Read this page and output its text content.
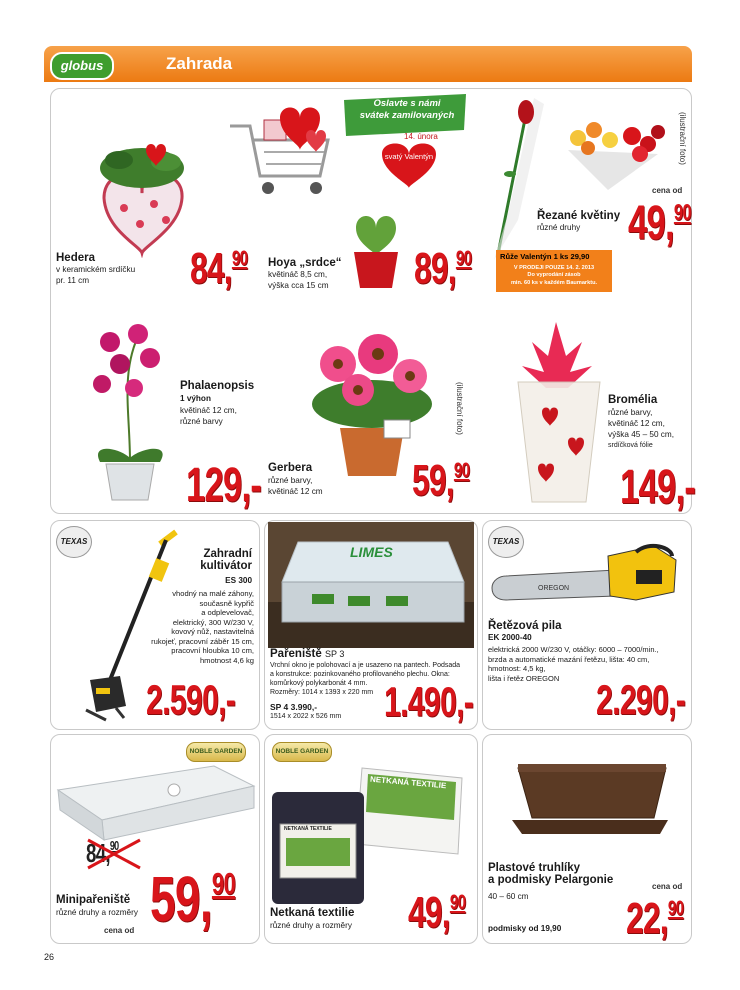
globus	Zahrada
Hedera
v keramickém srdíčku
pr. 11 cm 84,90
Oslavte s námi
svátek zamilovaných
14. února
svatý Valentýn
Hoya „srdce“
květináč 8,5 cm,
výška cca 15 cm 89,90
(ilustrační foto)
cena od
Řezané květiny
různé druhy 49,90
Růže Valentýn 1 ks 29,90
V PRODEJI POUZE 14. 2. 2013
Do vyprodání zásob
min. 60 ks v každém Baumarktu.
Phalaenopsis
1 výhon
květináč 12 cm,
různé barvy
129,-
(ilustrační foto)
Gerbera
různé barvy,
květináč 12 cm 59,90
Bromélia
různé barvy,
květináč 12 cm,
výška 45 – 50 cm,
srdíčková fólie
149,-
TEXAS
Zahradní
kultivátor
ES 300
vhodný na malé záhony,
současně kypřič
a odplevelovač,
elektrický, 300 W/230 V,
kovový nůž, nastavitelná
rukojeť, pracovní záběr 15 cm,
pracovní hloubka 10 cm,
hmotnost 4,6 kg
2.590,-
LIMES
Pařeniště SP 3
Vrchní okno je polohovací a je usazeno na pantech. Podsada
a konstrukce: pozinkovaného profilovaného plechu. Okna:
komůrkový polykarbonát 4 mm.
Rozměry: 1014 x 1393 x 220 mm
SP 4 3.990,-
1514 x 2022 x 526 mm 1.490,-
TEXAS
OREGON
Řetězová pila
EK 2000-40
elektrická 2000 W/230 V, otáčky: 6000 – 7000/min.,
brzda a automatické mazání řetězu, lišta: 40 cm,
hmotnost: 4,5 kg,
lišta i řetěz OREGON 2.290,-
NOBLE GARDEN
84,90
Minipařeniště
různé druhy a rozměry
cena od 59,90
NOBLE GARDEN
NETKANÁ TEXTILIE
NETKANÁ TEXTILIE
Netkaná textilie
různé druhy a rozměry 49,90
Plastové truhlíky
a podmisky Pelargonie
40 – 60 cm
podmisky od 19,90
cena od
22,90
26
